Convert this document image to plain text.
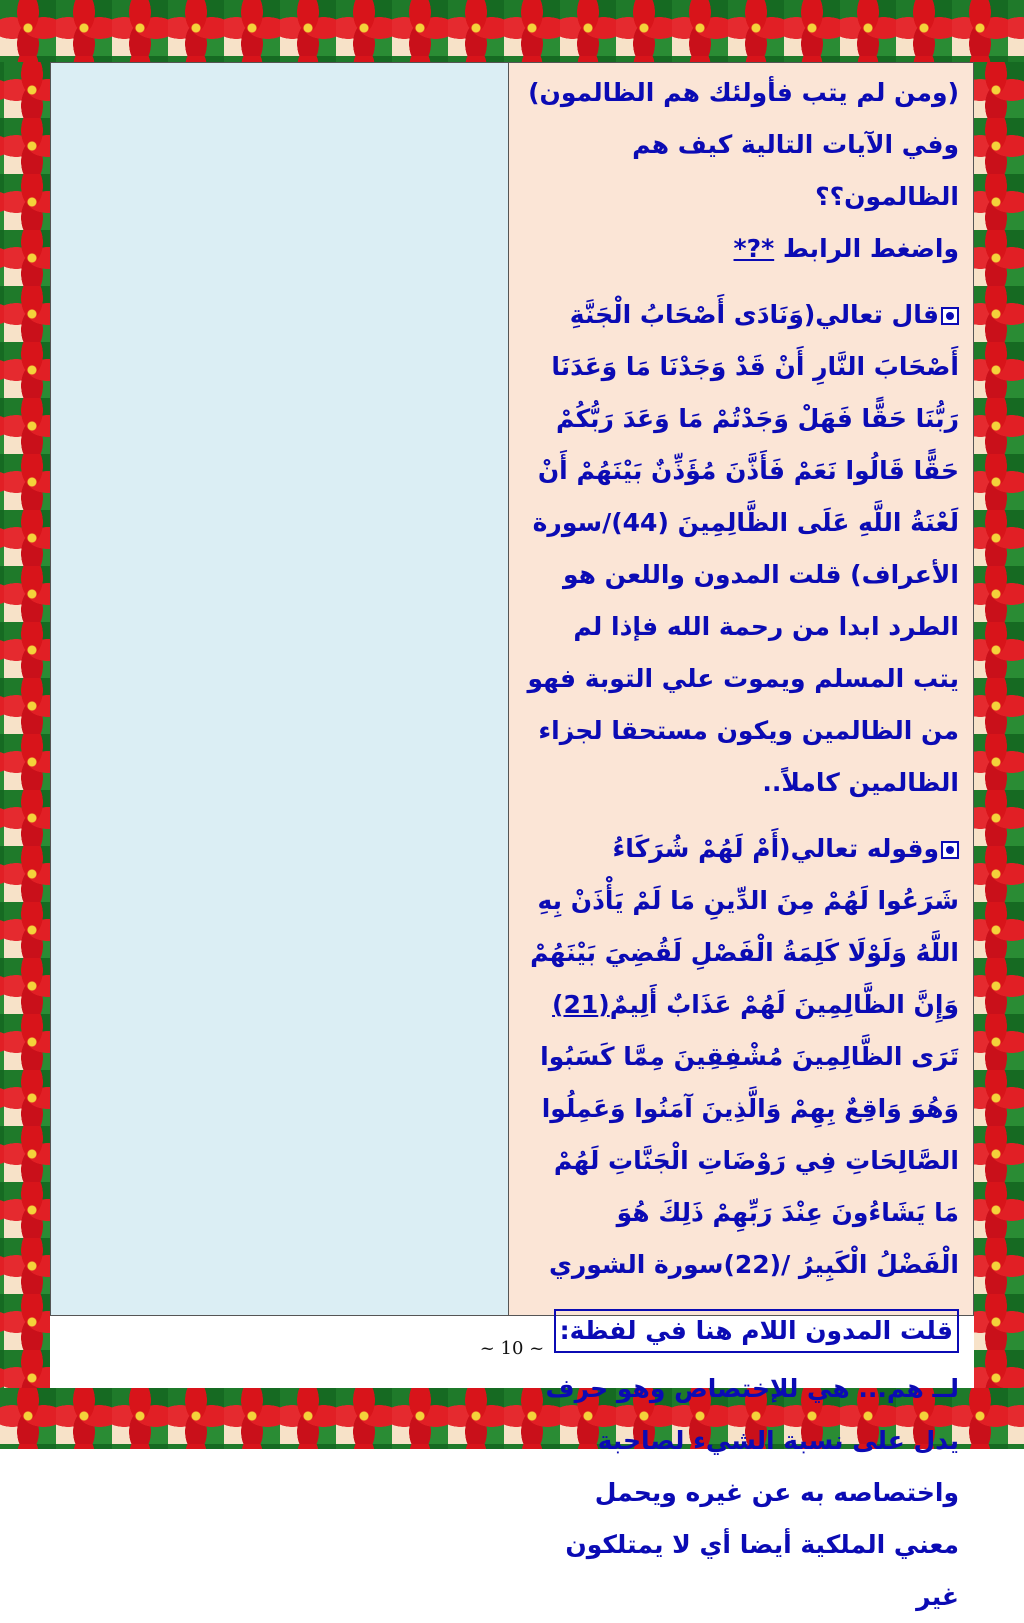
(ومن لم يتب فأولئك هم الظالمون)

وفي الآيات التالية كيف هم الظالمون؟؟

واضغط الرابط *?*

قال تعالي(وَنَادَى أَصْحَابُ الْجَنَّةِ أَصْحَابَ النَّارِ أَنْ قَدْ وَجَدْنَا مَا وَعَدَنَا رَبُّنَا حَقًّا فَهَلْ وَجَدْتُمْ مَا وَعَدَ رَبُّكُمْ حَقًّا قَالُوا نَعَمْ فَأَذَّنَ مُؤَذِّنٌ بَيْنَهُمْ أَنْ لَعْنَةُ اللَّهِ عَلَى الظَّالِمِينَ (44)/سورة الأعراف) قلت المدون واللعن هو الطرد ابدا من رحمة الله فإذا لم يتب المسلم ويموت علي التوبة فهو من الظالمين ويكون مستحقا لجزاء الظالمين كاملاً..

وقوله تعالي(أَمْ لَهُمْ شُرَكَاءُ شَرَعُوا لَهُمْ مِنَ الدِّينِ مَا لَمْ يَأْذَنْ بِهِ اللَّهُ وَلَوْلَا كَلِمَةُ الْفَصْلِ لَقُضِيَ بَيْنَهُمْ وَإِنَّ الظَّالِمِينَ لَهُمْ عَذَابٌ أَلِيمٌ(21) تَرَى الظَّالِمِينَ مُشْفِقِينَ مِمَّا كَسَبُوا وَهُوَ وَاقِعٌ بِهِمْ وَالَّذِينَ آمَنُوا وَعَمِلُوا الصَّالِحَاتِ فِي رَوْضَاتِ الْجَنَّاتِ لَهُمْ مَا يَشَاءُونَ عِنْدَ رَبِّهِمْ ذَلِكَ هُوَ الْفَضْلُ الْكَبِيرُ /(22)سورة الشوري

قلت المدون اللام هنا في لفظة:

لــ هم... هي للإختصاص وهو حرف يدل على نسبة الشيء لصاحبة واختصاصه به عن غيره ويحمل معني الملكية أيضا أي لا يمتلكون غير

~ 10 ~
